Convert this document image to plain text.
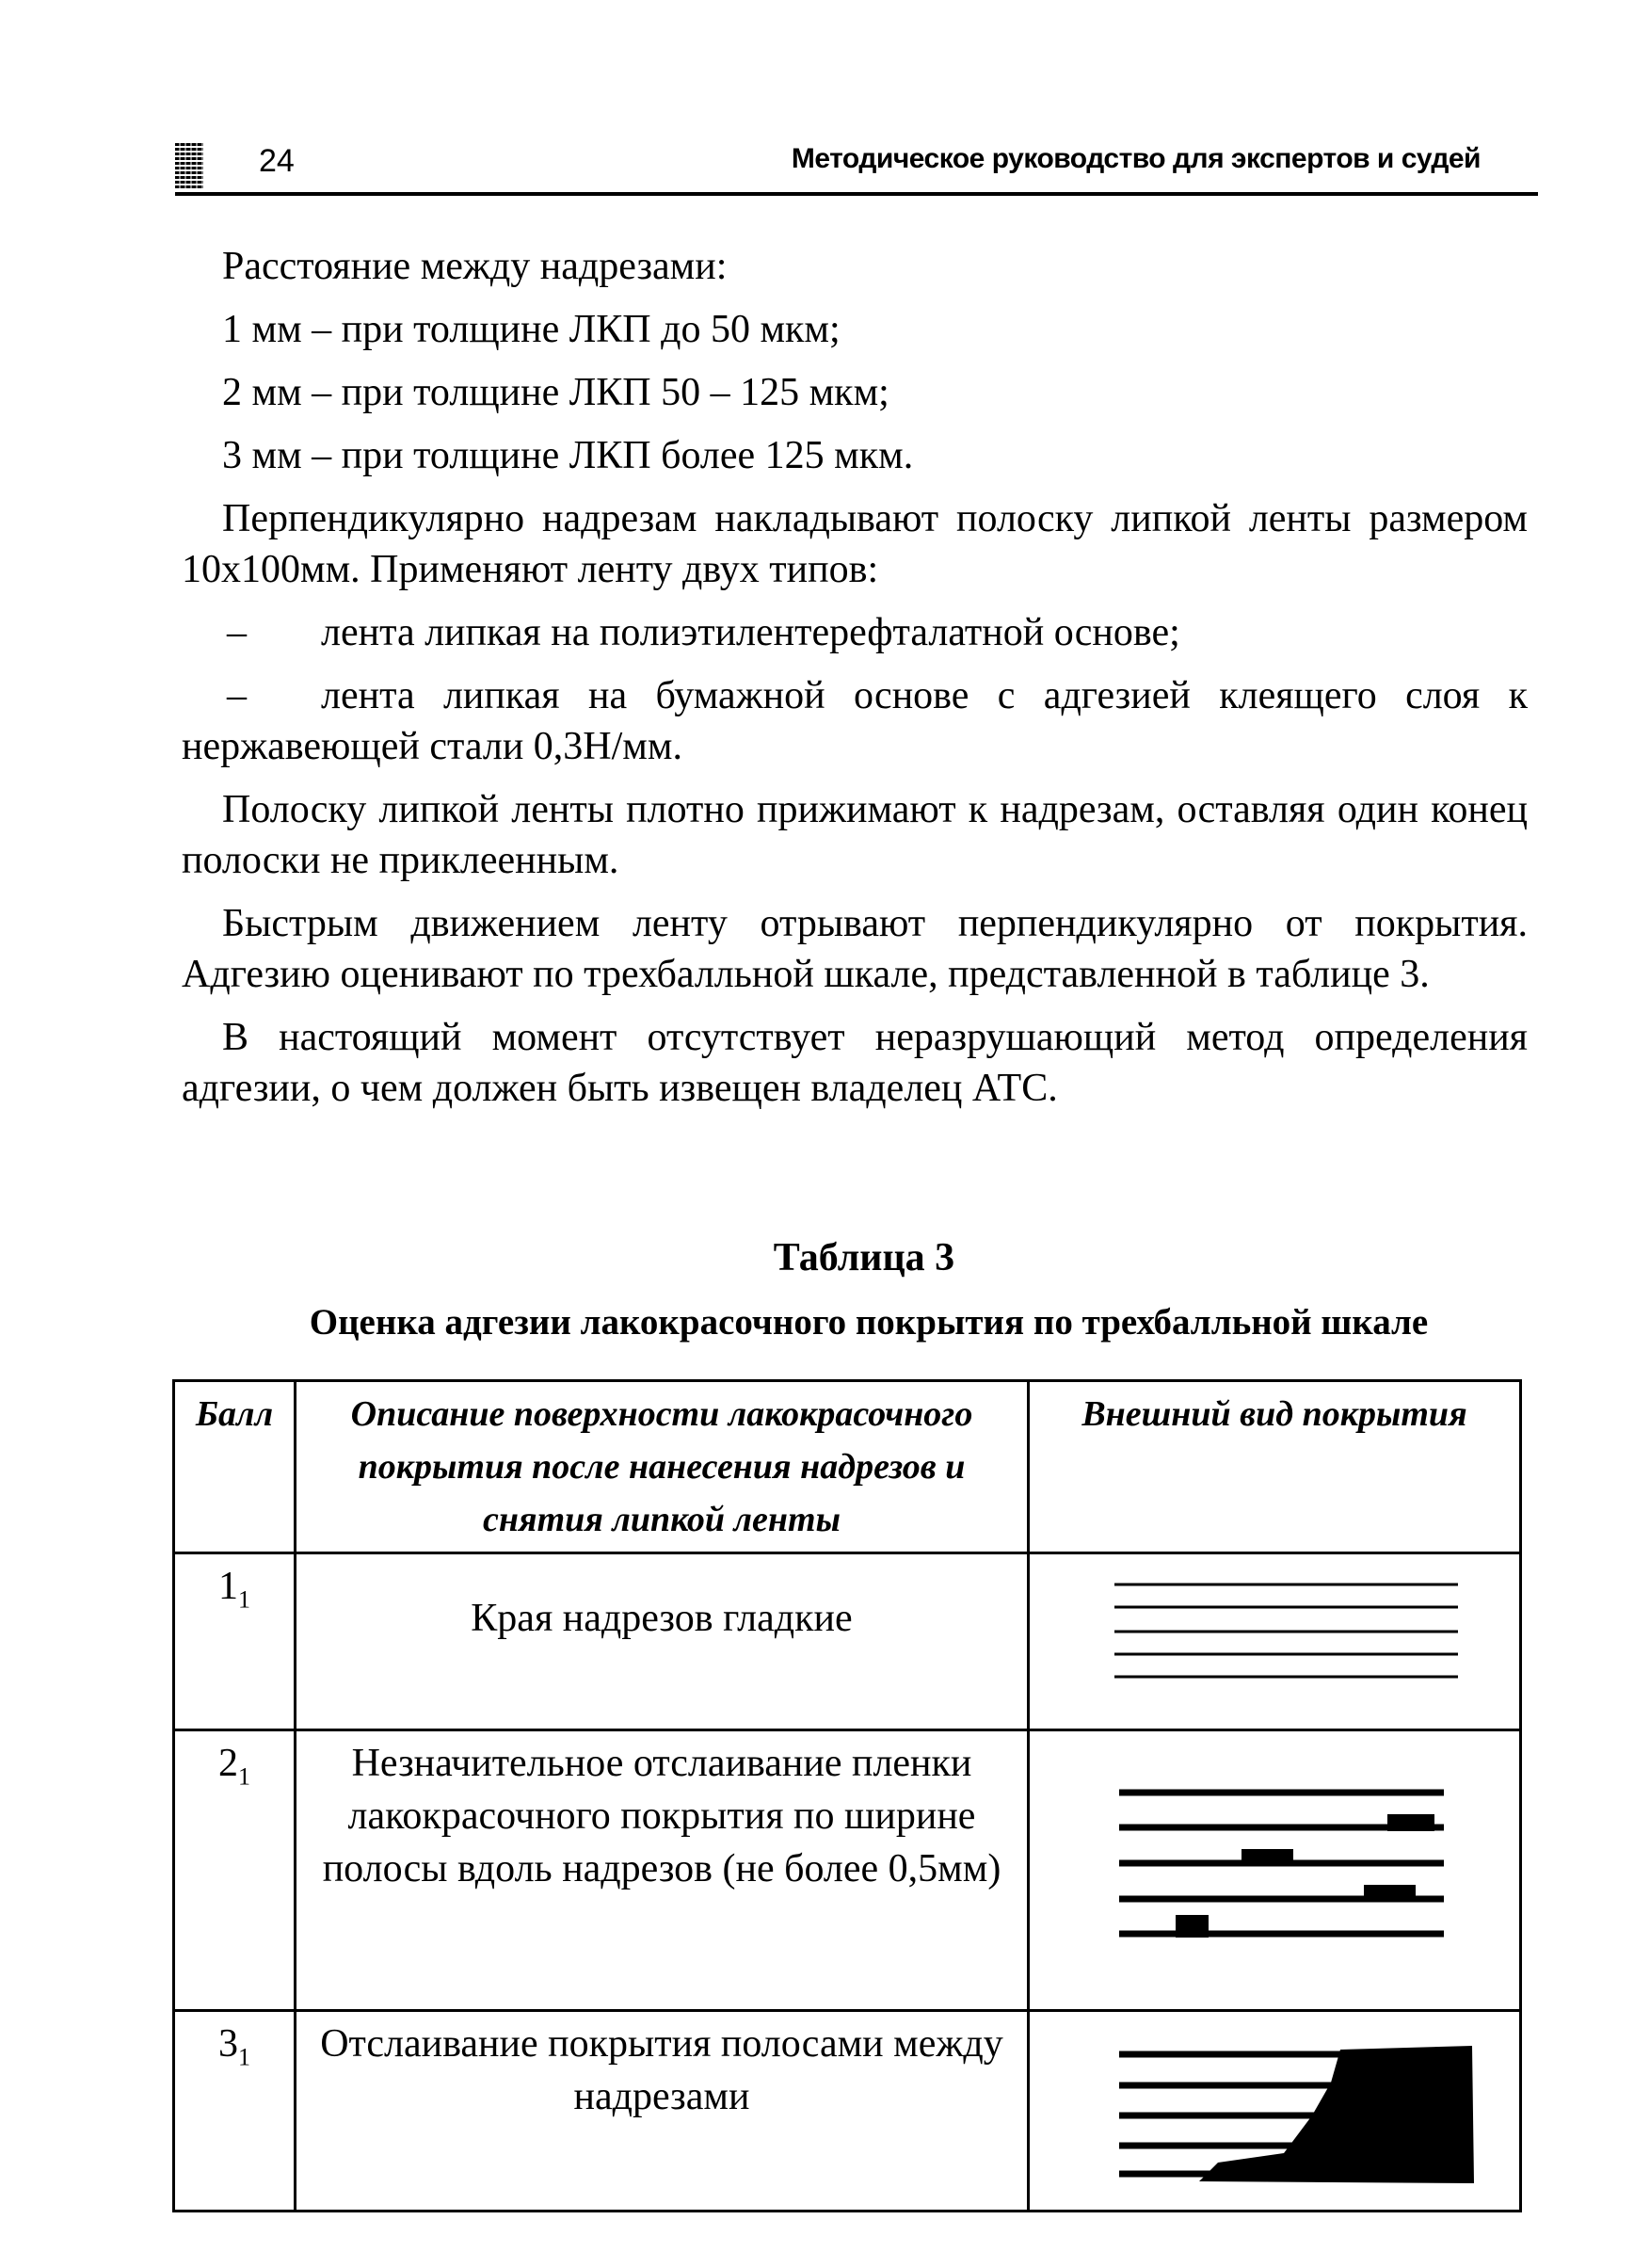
24	Методическое руководство для экспертов и судей

Расстояние между надрезами:

1 мм – при толщине ЛКП до 50 мкм;

2 мм – при толщине ЛКП 50 – 125 мкм;

3 мм – при толщине ЛКП более 125 мкм.

Перпендикулярно надрезам накладывают полоску липкой ленты размером 10x100мм. Применяют ленту двух типов:

– лента липкая на полиэтилентерефталатной основе;

– лента липкая на бумажной основе с адгезией клеящего слоя к нержавеющей стали 0,3Н/мм.

Полоску липкой ленты плотно прижимают к надрезам, оставляя один конец полоски не приклеенным.

Быстрым движением ленту отрывают перпендикулярно от покрытия. Адгезию оценивают по трехбалльной шкале, представленной в таблице 3.

В настоящий момент отсутствует неразрушающий метод определения адгезии, о чем должен быть извещен владелец АТС.

Таблица 3
Оценка адгезии лакокрасочного покрытия по трехбалльной шкале
Балл	Описание поверхности лакокрасочного покрытия после нанесения надрезов и снятия липкой ленты	Внешний вид покрытия
$1_1$	Края надрезов гладкие	
$2_1$	Незначительное отслаивание пленки лакокрасочного покрытия по ширине полосы вдоль надрезов (не более 0,5мм)	
$3_1$	Отслаивание покрытия полосами между надрезами	
